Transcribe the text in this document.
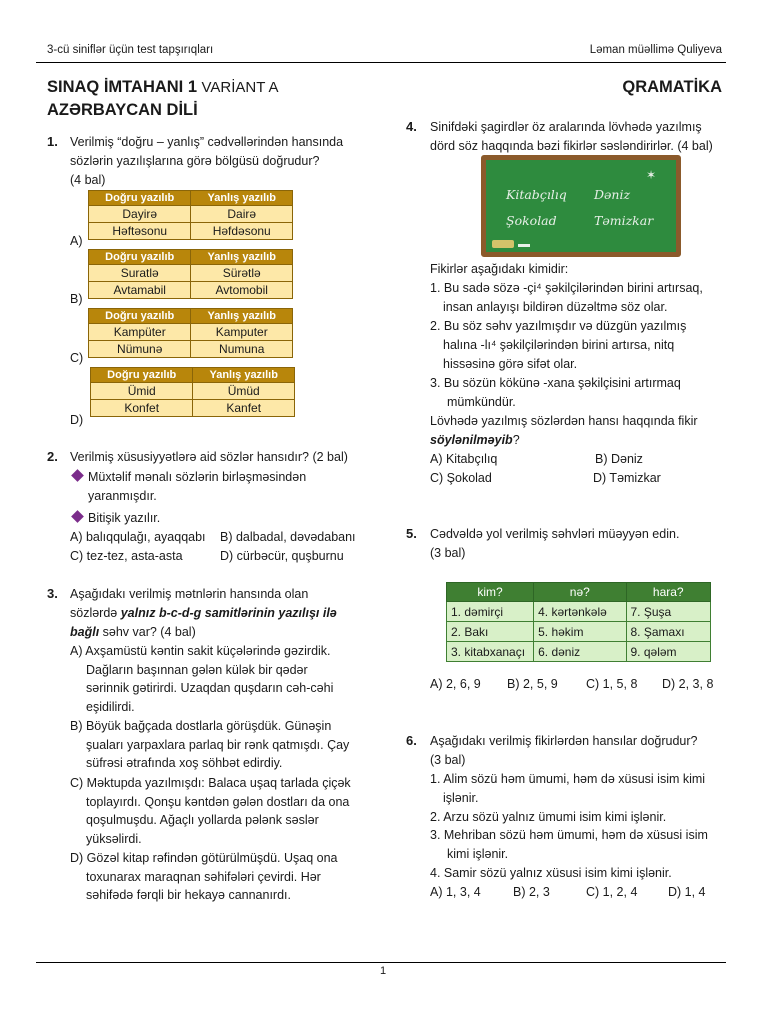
3-cü siniflər üçün test tapşırıqları	Ləman müəllimə Quliyeva
SINAQ İMTAHANI 1 VARİANT A
AZƏRBAYCAN DİLİ
QRAMATİKA
1. Verilmiş “doğru – yanlış” cədvəllərindən hansında
sözlərin yazılışlarına görə bölgüsü doğrudur?
(4 bal)
A)
Doğru yazılıb	Yanlış yazılıb
Dayirə	Dairə
Həftəsonu	Həfdəsonu
B)
Doğru yazılıb	Yanlış yazılıb
Suratlə	Sürətlə
Avtamabil	Avtomobil
C)
Doğru yazılıb	Yanlış yazılıb
Kampüter	Kamputer
Nümunə	Numuna
D)
Doğru yazılıb	Yanlış yazılıb
Ümid	Ümüd
Konfet	Kanfet
2. Verilmiş xüsusiyyətlərə aid sözlər hansıdır? (2 bal)
Müxtəlif mənalı sözlərin birləşməsindən
yaranmışdır.
Bitişik yazılır.
A) balıqqulağı, ayaqqabı B) dalbadal, dəvədabanı
C) tez-tez, asta-asta	D) cürbəcür, quşburnu
3. Aşağıdakı verilmiş mətnlərin hansında olan
sözlərdə yalnız b-c-d-g samitlərinin yazılışı ilə
bağlı səhv var? (4 bal)
A) Axşamüstü kəntin sakit küçələrində gəzirdik.
Dağların başınnan gələn külək bir qədər
sərinnik gətirirdi. Uzaqdan quşdarın cəh-cəhi
eşidilirdi.
B) Böyük bağçada dostlarla görüşdük. Günəşin
şuaları yarpaxlara parlaq bir rənk qatmışdı. Çay
süfrəsi ətrafında xoş söhbət edirdiy.
C) Məktupda yazılmışdı: Balaca uşaq tarlada çiçək
toplayırdı. Qonşu kəntdən gələn dostları da ona
qoşulmuşdu. Ağaçlı yollarda pələnk səslər
yüksəlirdi.
D) Gözəl kitap rəfindən götürülmüşdü. Uşaq ona
toxunarax maraqnan səhifələri çevirdi. Hər
səhifədə fərqli bir hekayə cannanırdı.
4. Sinifdəki şagirdlər öz aralarında lövhədə yazılmış
dörd söz haqqında bəzi fikirlər səsləndirirlər. (4 bal)
Kitabçılıq Dəniz
Şokolad	Təmizkar
✶
Fikirlər aşağıdakı kimidir:
1. Bu sadə sözə -çi⁴ şəkilçilərindən birini artırsaq,
insan anlayışı bildirən düzəltmə söz olar.
2. Bu söz səhv yazılmışdır və düzgün yazılmış
halına -lı⁴ şəkilçilərindən birini artırsa, nitq
hissəsinə görə sifət olar.
3. Bu sözün kökünə -xana şəkilçisini artırmaq
mümkündür.
Lövhədə yazılmış sözlərdən hansı haqqında fikir
söylənilməyib?
A) Kitabçılıq	B) Dəniz
C) Şokolad	D) Təmizkar
5. Cədvəldə yol verilmiş səhvləri müəyyən edin.
(3 bal)
kim?	nə?	hara?
1. dəmirçi	4. kərtənkələ	7. Şuşa
2. Bakı	5. həkim	8. Şamaxı
3. kitabxanaçı	6. dəniz	9. qələm
A) 2, 6, 9 B) 2, 5, 9 C) 1, 5, 8 D) 2, 3, 8
6. Aşağıdakı verilmiş fikirlərdən hansılar doğrudur?
(3 bal)
1. Alim sözü həm ümumi, həm də xüsusi isim kimi
işlənir.
2. Arzu sözü yalnız ümumi isim kimi işlənir.
3. Mehriban sözü həm ümumi, həm də xüsusi isim
kimi işlənir.
4. Samir sözü yalnız xüsusi isim kimi işlənir.
A) 1, 3, 4	B) 2, 3	C) 1, 2, 4 D) 1, 4
1
